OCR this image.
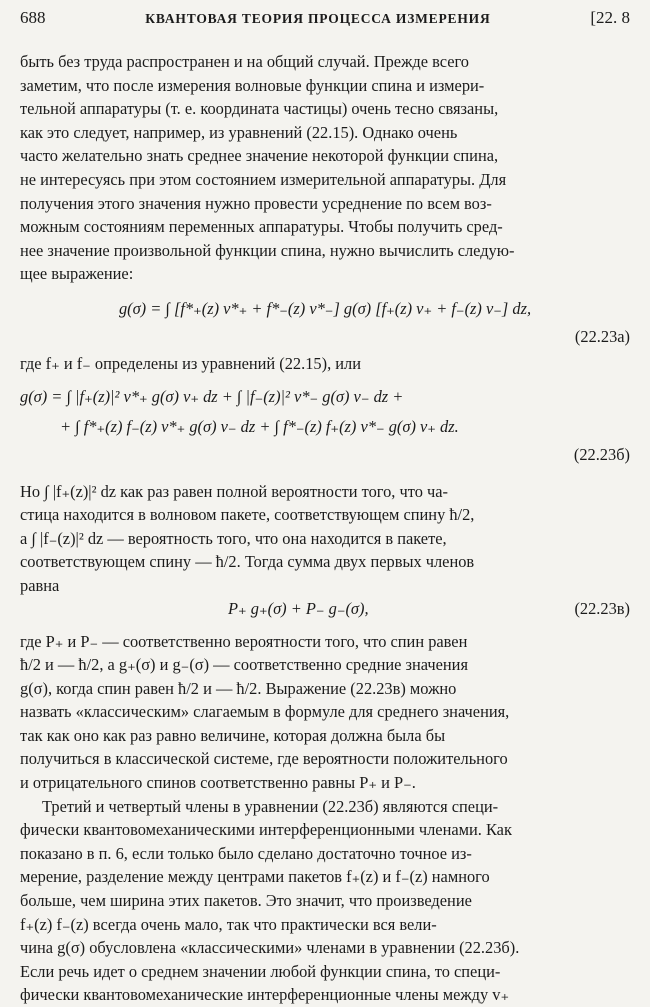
688	КВАНТОВАЯ ТЕОРИЯ ПРОЦЕССА ИЗМЕРЕНИЯ	[22. 8
быть без труда распространен и на общий случай. Прежде всего
заметим, что после измерения волновые функции спина и измери-
тельной аппаратуры (т. е. координата частицы) очень тесно связаны,
как это следует, например, из уравнений (22.15). Однако очень
часто желательно знать среднее значение некоторой функции спина,
не интересуясь при этом состоянием измерительной аппаратуры. Для
получения этого значения нужно провести усреднение по всем воз-
можным состояниям переменных аппаратуры. Чтобы получить сред-
нее значение произвольной функции спина, нужно вычислить следую-
щее выражение:
g(σ) = ∫ [f*₊(z) v*₊ + f*₋(z) v*₋] g(σ) [f₊(z) v₊ + f₋(z) v₋] dz,
(22.23а)
где f₊ и f₋ определены из уравнений (22.15), или
g(σ) = ∫ |f₊(z)|² v*₊ g(σ) v₊ dz + ∫ |f₋(z)|² v*₋ g(σ) v₋ dz +
+ ∫ f*₊(z) f₋(z) v*₊ g(σ) v₋ dz + ∫ f*₋(z) f₊(z) v*₋ g(σ) v₊ dz.
(22.23б)
Но ∫ |f₊(z)|² dz как раз равен полной вероятности того, что ча-
стица находится в волновом пакете, соответствующем спину ħ/2,
а ∫ |f₋(z)|² dz — вероятность того, что она находится в пакете,
соответствующем спину — ħ/2. Тогда сумма двух первых членов
равна
P₊ g₊(σ) + P₋ g₋(σ),	(22.23в)
где P₊ и P₋ — соответственно вероятности того, что спин равен
ħ/2 и — ħ/2, а g₊(σ) и g₋(σ) — соответственно средние значения
g(σ), когда спин равен ħ/2 и — ħ/2. Выражение (22.23в) можно
назвать «классическим» слагаемым в формуле для среднего значения,
так как оно как раз равно величине, которая должна была бы
получиться в классической системе, где вероятности положительного
и отрицательного спинов соответственно равны P₊ и P₋.
Третий и четвертый члены в уравнении (22.23б) являются специ-
фически квантовомеханическими интерференционными членами. Как
показано в п. 6, если только было сделано достаточно точное из-
мерение, разделение между центрами пакетов f₊(z) и f₋(z) намного
больше, чем ширина этих пакетов. Это значит, что произведение
f₊(z) f₋(z) всегда очень мало, так что практически вся вели-
чина g(σ) обусловлена «классическими» членами в уравнении (22.23б).
Если речь идет о среднем значении любой функции спина, то специ-
фически квантовомеханические интерференционные члены между v₊
